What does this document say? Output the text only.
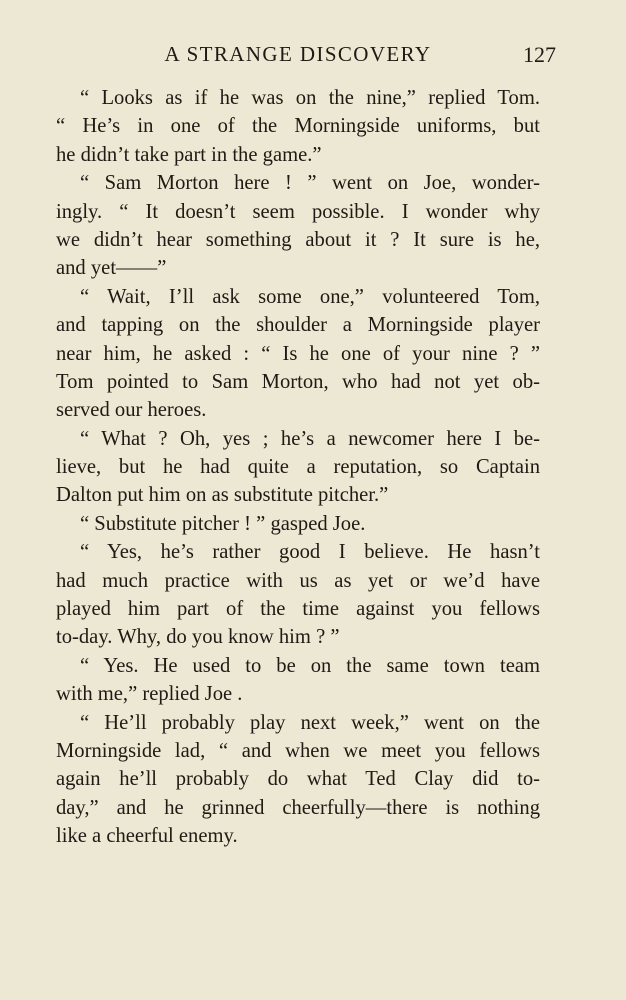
A STRANGE DISCOVERY	127
“ Looks as if he was on the nine,” replied Tom.
“ He’s in one of the Morningside uniforms, but
he didn’t take part in the game.”
“ Sam Morton here ! ” went on Joe, wonder-
ingly. “ It doesn’t seem possible. I wonder why
we didn’t hear something about it ? It sure is he,
and yet——”
“ Wait, I’ll ask some one,” volunteered Tom,
and tapping on the shoulder a Morningside player
near him, he asked : “ Is he one of your nine ? ”
Tom pointed to Sam Morton, who had not yet ob-
served our heroes.
“ What ? Oh, yes ; he’s a newcomer here I be-
lieve, but he had quite a reputation, so Captain
Dalton put him on as substitute pitcher.”
“ Substitute pitcher ! ” gasped Joe.
“ Yes, he’s rather good I believe. He hasn’t
had much practice with us as yet or we’d have
played him part of the time against you fellows
to-day. Why, do you know him ? ”
“ Yes. He used to be on the same town team
with me,” replied Joe .
“ He’ll probably play next week,” went on the
Morningside lad, “ and when we meet you fellows
again he’ll probably do what Ted Clay did to-
day,” and he grinned cheerfully—there is nothing
like a cheerful enemy.
